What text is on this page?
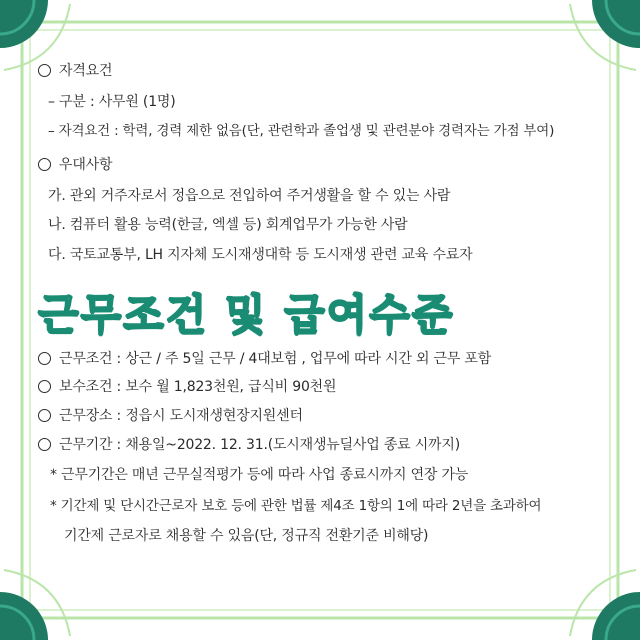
자격요건
– 구분 : 사무원 (1명)
– 자격요건 : 학력, 경력 제한 없음(단, 관련학과 졸업생 및 관련분야 경력자는 가점 부여)
우대사항
가. 관외 거주자로서 정읍으로 전입하여 주거생활을 할 수 있는 사람
나. 컴퓨터 활용 능력(한글, 엑셀 등) 회계업무가 가능한 사람
다. 국토교통부, LH 지자체 도시재생대학 등 도시재생 관련 교육 수료자
근무조건 및 급여수준
근무조건 : 상근 / 주 5일 근무 / 4대보험 , 업무에 따라 시간 외 근무 포함
보수조건 : 보수 월 1,823천원, 급식비 90천원
근무장소 : 정읍시 도시재생현장지원센터
근무기간 : 채용일~2022. 12. 31.(도시재생뉴딜사업 종료 시까지)
* 근무기간은 매년 근무실적평가 등에 따라 사업 종료시까지 연장 가능
* 기간제 및 단시간근로자 보호 등에 관한 법률 제4조 1항의 1에 따라 2년을 초과하여
기간제 근로자로 채용할 수 있음(단, 정규직 전환기준 비해당)
